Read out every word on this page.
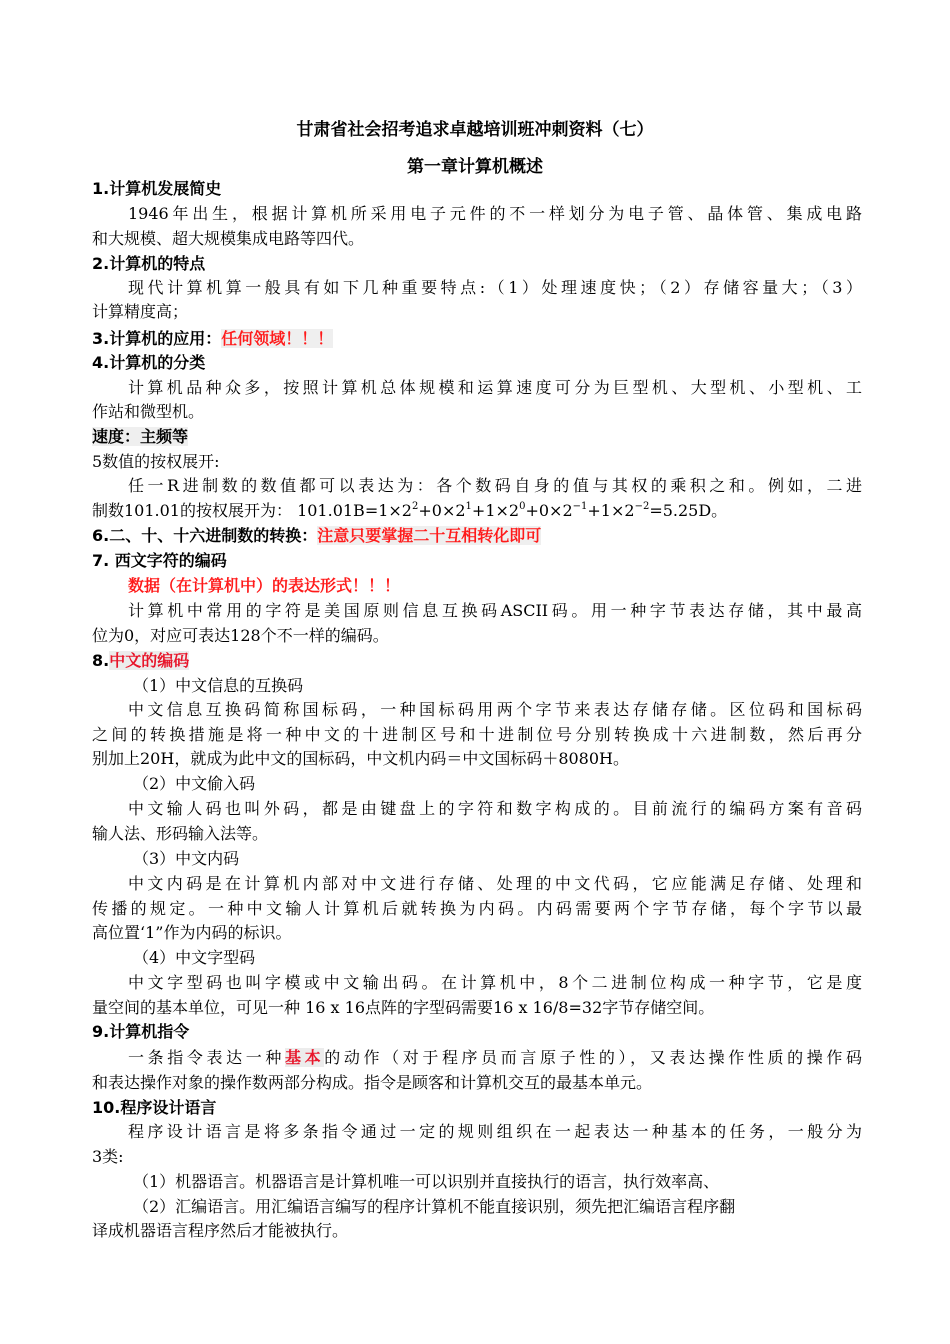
甘肃省社会招考追求卓越培训班冲刺资料（七）
第一章计算机概述
1.计算机发展简史
1946年出生，根据计算机所采用电子元件的不一样划分为电子管、晶体管、集成电路
和大规模、超大规模集成电路等四代。
2.计算机的特点
现代计算机算一般具有如下几种重要特点:（1）处理速度快；（2）存储容量大；（3）
计算精度高；
3.计算机的应用：任何领域！！！
4.计算机的分类
计算机品种众多，按照计算机总体规模和运算速度可分为巨型机、大型机、小型机、工
作站和微型机。
速度：主频等
5数值的按权展开:
任一R进制数的数值都可以表达为：各个数码自身的值与其权的乘积之和。例如，二进
制数101.01的按权展开为： $101.01B=1\times 2^2+0\times 2^1+1\times 2^0+0\times 2^{-1}+1\times 2^{-2}=5.25D$。
6.二、十、十六进制数的转换：注意只要掌握二十互相转化即可
7. 西文字符的编码
数据（在计算机中）的表达形式！！！
计算机中常用的字符是美国原则信息互换码ASCII码。用一种字节表达存储，其中最高
位为0，对应可表达128个不一样的编码。
8.中文的编码
（1）中文信息的互换码
中文信息互换码简称国标码，一种国标码用两个字节来表达存储存储。区位码和国标码
之间的转换措施是将一种中文的十进制区号和十进制位号分别转换成十六进制数，然后再分
别加上20H，就成为此中文的国标码，中文机内码＝中文国标码＋8080H。
（2）中文偷入码
中文输人码也叫外码，都是由键盘上的字符和数字构成的。目前流行的编码方案有音码
输人法、形码输入法等。
（3）中文内码
中文内码是在计算机内部对中文进行存储、处理的中文代码，它应能满足存储、处理和
传播的规定。一种中文输人计算机后就转换为内码。内码需要两个字节存储，每个字节以最
高位置‘1”作为内码的标识。
（4）中文字型码
中文字型码也叫字模或中文输出码。在计算机中，8个二进制位构成一种字节，它是度
量空间的基本单位，可见一种 16 x 16点阵的字型码需要16 x 16/8=32字节存储空间。
9.计算机指令
一条指令表达一种基本的动作（对于程序员而言原子性的），又表达操作性质的操作码
和表达操作对象的操作数两部分构成。指令是顾客和计算机交互的最基本单元。
10.程序设计语言
程序设计语言是将多条指令通过一定的规则组织在一起表达一种基本的任务，一般分为
3类:
（1）机器语言。机器语言是计算机唯一可以识别并直接执行的语言，执行效率高、
（2）汇编语言。用汇编语言编写的程序计算机不能直接识别，须先把汇编语言程序翻
译成机器语言程序然后才能被执行。
